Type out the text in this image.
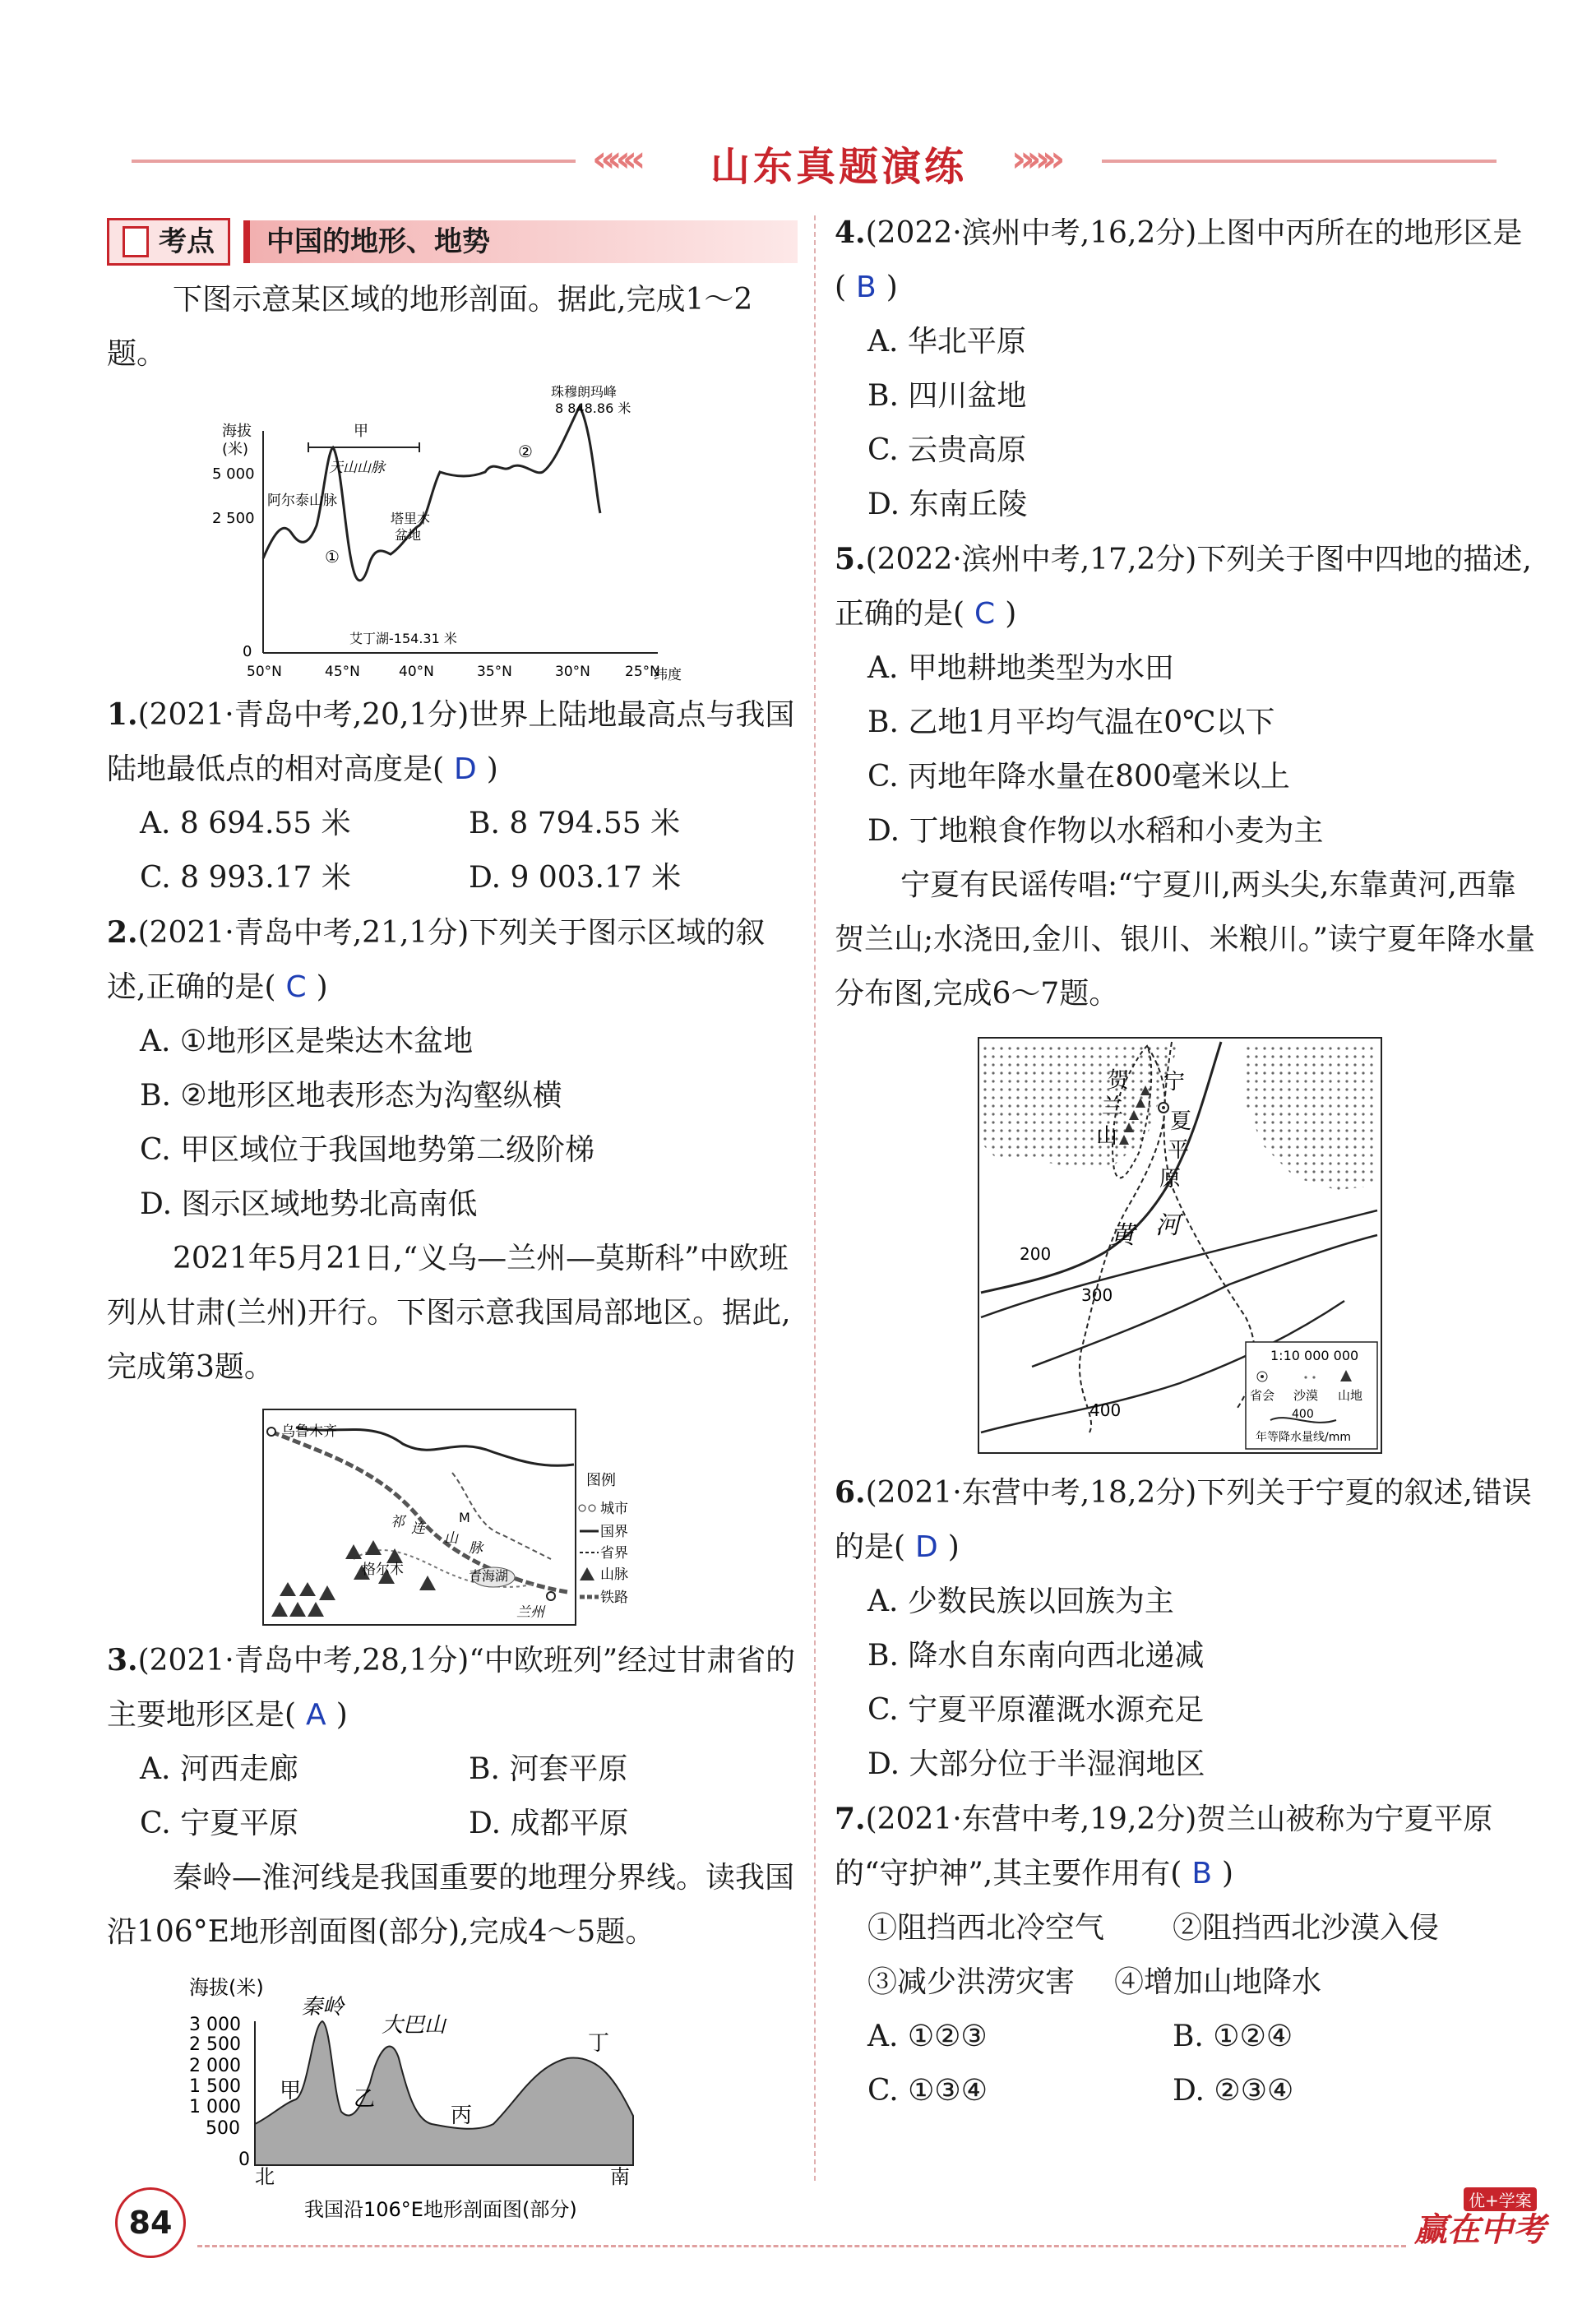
«««	山东真题演练	»»»
考点	中国的地形、地势

下图示意某区域的地形剖面。据此,完成1～2题。

海拔
(米)
5 000
2 500
0
50°N	45°N	40°N	35°N	30°N 25°N
纬度
甲
天山山脉
阿尔泰山脉
①
②
塔里木
盆地
艾丁湖-154.31 米
珠穆朗玛峰
8 848.86 米

1.(2021·青岛中考,20,1分)世界上陆地最高点与我国陆地最低点的相对高度是( D )

A. 8 694.55 米	B. 8 794.55 米
C. 8 993.17 米	D. 9 003.17 米

2.(2021·青岛中考,21,1分)下列关于图示区域的叙述,正确的是( C )

A. ①地形区是柴达木盆地

B. ②地形区地表形态为沟壑纵横

C. 甲区域位于我国地势第二级阶梯

D. 图示区域地势北高南低

2021年5月21日,“义乌—兰州—莫斯科”中欧班列从甘肃(兰州)开行。下图示意我国局部地区。据此,完成第3题。

乌鲁木齐
祁 连
山
脉
M
格尔木	青海湖
兰州
图例
城市
国界
省界
山脉
铁路

3.(2021·青岛中考,28,1分)“中欧班列”经过甘肃省的主要地形区是( A )

A. 河西走廊	B. 河套平原
C. 宁夏平原	D. 成都平原

秦岭—淮河线是我国重要的地理分界线。读我国沿106°E地形剖面图(部分),完成4～5题。

海拔(米)
3 000
2 500
2 000
1 500
1 000
500
0
北	南
秦岭
大巴山
甲 乙
丙
丁
我国沿106°E地形剖面图(部分)

4.(2022·滨州中考,16,2分)上图中丙所在的地形区是( B )

A. 华北平原

B. 四川盆地

C. 云贵高原

D. 东南丘陵

5.(2022·滨州中考,17,2分)下列关于图中四地的描述,正确的是( C )

A. 甲地耕地类型为水田

B. 乙地1月平均气温在0℃以下

C. 丙地年降水量在800毫米以上

D. 丁地粮食作物以水稻和小麦为主

宁夏有民谣传唱:“宁夏川,两头尖,东靠黄河,西靠贺兰山;水浇田,金川、银川、米粮川。”读宁夏年降水量分布图,完成6～7题。

贺
兰
山
宁
夏
平
原
黄 河
200
300
400
1:10 000 000
省会 沙漠 山地
400
年等降水量线/mm

6.(2021·东营中考,18,2分)下列关于宁夏的叙述,错误的是( D )

A. 少数民族以回族为主

B. 降水自东南向西北递减

C. 宁夏平原灌溉水源充足

D. 大部分位于半湿润地区

7.(2021·东营中考,19,2分)贺兰山被称为宁夏平原的“守护神”,其主要作用有( B )

①阻挡西北冷空气	②阻挡西北沙漠入侵
③减少洪涝灾害	④增加山地降水
A. ①②③	B. ①②④
C. ①③④	D. ②③④
84
优+学案
赢在中考
